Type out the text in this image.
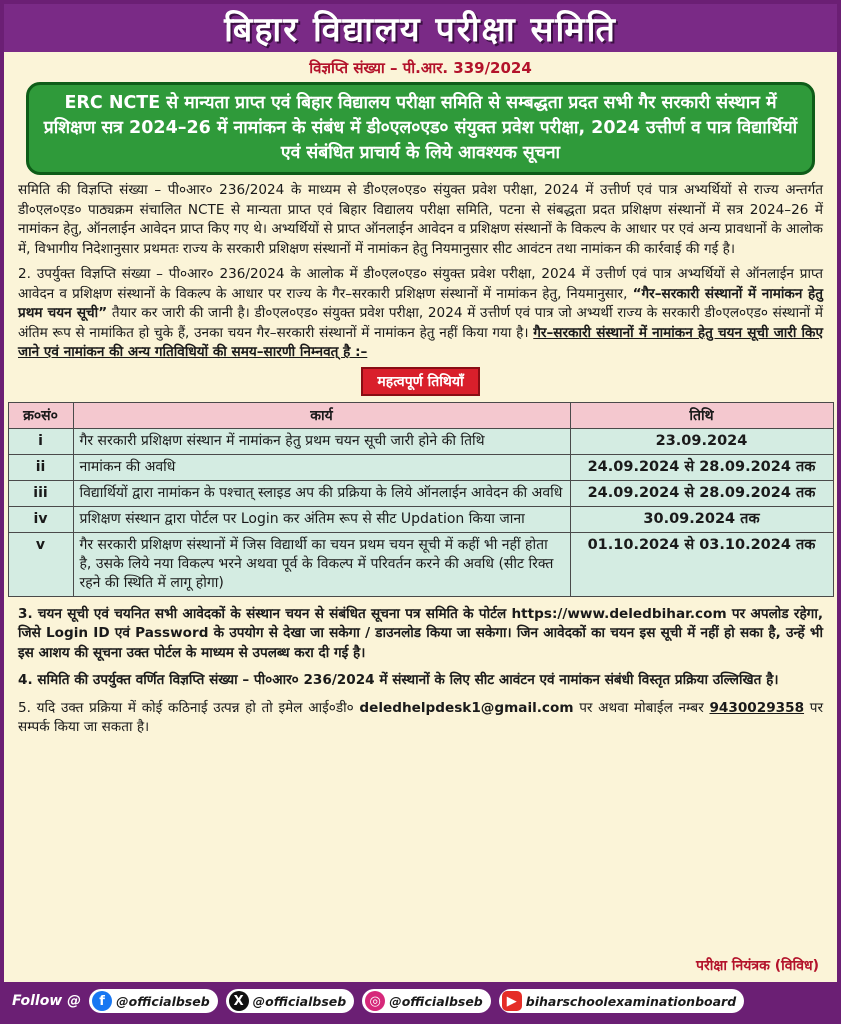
बिहार विद्यालय परीक्षा समिति
विज्ञप्ति संख्या – पी.आर. 339/2024
ERC NCTE से मान्यता प्राप्त एवं बिहार विद्यालय परीक्षा समिति से सम्बद्धता प्रदत सभी गैर सरकारी संस्थान में प्रशिक्षण सत्र 2024–26 में नामांकन के संबंध में डी०एल०एड० संयुक्त प्रवेश परीक्षा, 2024 उत्तीर्ण व पात्र विद्यार्थियों एवं संबंधित प्राचार्य के लिये आवश्यक सूचना
समिति की विज्ञप्ति संख्या – पी०आर० 236/2024 के माध्यम से डी०एल०एड० संयुक्त प्रवेश परीक्षा, 2024 में उत्तीर्ण एवं पात्र अभ्यर्थियों से राज्य अन्तर्गत डी०एल०एड० पाठ्यक्रम संचालित NCTE से मान्यता प्राप्त एवं बिहार विद्यालय परीक्षा समिति, पटना से संबद्धता प्रदत प्रशिक्षण संस्थानों में सत्र 2024–26 में नामांकन हेतु, ऑनलाईन आवेदन प्राप्त किए गए थे। अभ्यर्थियों से प्राप्त ऑनलाईन आवेदन व प्रशिक्षण संस्थानों के विकल्प के आधार पर एवं अन्य प्रावधानों के आलोक में, विभागीय निदेशानुसार प्रथमतः राज्य के सरकारी प्रशिक्षण संस्थानों में नामांकन हेतु नियमानुसार सीट आवंटन तथा नामांकन की कार्रवाई की गई है।
2. उपर्युक्त विज्ञप्ति संख्या – पी०आर० 236/2024 के आलोक में डी०एल०एड० संयुक्त प्रवेश परीक्षा, 2024 में उत्तीर्ण एवं पात्र अभ्यर्थियों से ऑनलाईन प्राप्त आवेदन व प्रशिक्षण संस्थानों के विकल्प के आधार पर राज्य के गैर–सरकारी प्रशिक्षण संस्थानों में नामांकन हेतु, नियमानुसार, “गैर–सरकारी संस्थानों में नामांकन हेतु प्रथम चयन सूची” तैयार कर जारी की जानी है। डी०एल०एड० संयुक्त प्रवेश परीक्षा, 2024 में उत्तीर्ण एवं पात्र जो अभ्यर्थी राज्य के सरकारी डी०एल०एड० संस्थानों में अंतिम रूप से नामांकित हो चुके हैं, उनका चयन गैर–सरकारी संस्थानों में नामांकन हेतु नहीं किया गया है। गैर–सरकारी संस्थानों में नामांकन हेतु चयन सूची जारी किए जाने एवं नामांकन की अन्य गतिविधियों की समय–सारणी निम्नवत् है :–
महत्वपूर्ण तिथियाँ
क्र०सं०	कार्य	तिथि
i	गैर सरकारी प्रशिक्षण संस्थान में नामांकन हेतु प्रथम चयन सूची जारी होने की तिथि	23.09.2024
ii	नामांकन की अवधि	24.09.2024 से 28.09.2024 तक
iii	विद्यार्थियों द्वारा नामांकन के पश्चात् स्लाइड अप की प्रक्रिया के लिये ऑनलाईन आवेदन की अवधि	24.09.2024 से 28.09.2024 तक
iv	प्रशिक्षण संस्थान द्वारा पोर्टल पर Login कर अंतिम रूप से सीट Updation किया जाना	30.09.2024 तक
v	गैर सरकारी प्रशिक्षण संस्थानों में जिस विद्यार्थी का चयन प्रथम चयन सूची में कहीं भी नहीं होता है, उसके लिये नया विकल्प भरने अथवा पूर्व के विकल्प में परिवर्तन करने की अवधि (सीट रिक्त रहने की स्थिति में लागू होगा)	01.10.2024 से 03.10.2024 तक
3. चयन सूची एवं चयनित सभी आवेदकों के संस्थान चयन से संबंधित सूचना पत्र समिति के पोर्टल https://www.deledbihar.com पर अपलोड रहेगा, जिसे Login ID एवं Password के उपयोग से देखा जा सकेगा / डाउनलोड किया जा सकेगा। जिन आवेदकों का चयन इस सूची में नहीं हो सका है, उन्हें भी इस आशय की सूचना उक्त पोर्टल के माध्यम से उपलब्ध करा दी गई है।
4. समिति की उपर्युक्त वर्णित विज्ञप्ति संख्या – पी०आर० 236/2024 में संस्थानों के लिए सीट आवंटन एवं नामांकन संबंधी विस्तृत प्रक्रिया उल्लिखित है।
5. यदि उक्त प्रक्रिया में कोई कठिनाई उत्पन्न हो तो इमेल आई०डी० deledhelpdesk1@gmail.com पर अथवा मोबाईल नम्बर 9430029358 पर सम्पर्क किया जा सकता है।
परीक्षा नियंत्रक (विविध)
Follow @	f @officialbseb	X @officialbseb	◎ @officialbseb	▶ biharschoolexaminationboard
